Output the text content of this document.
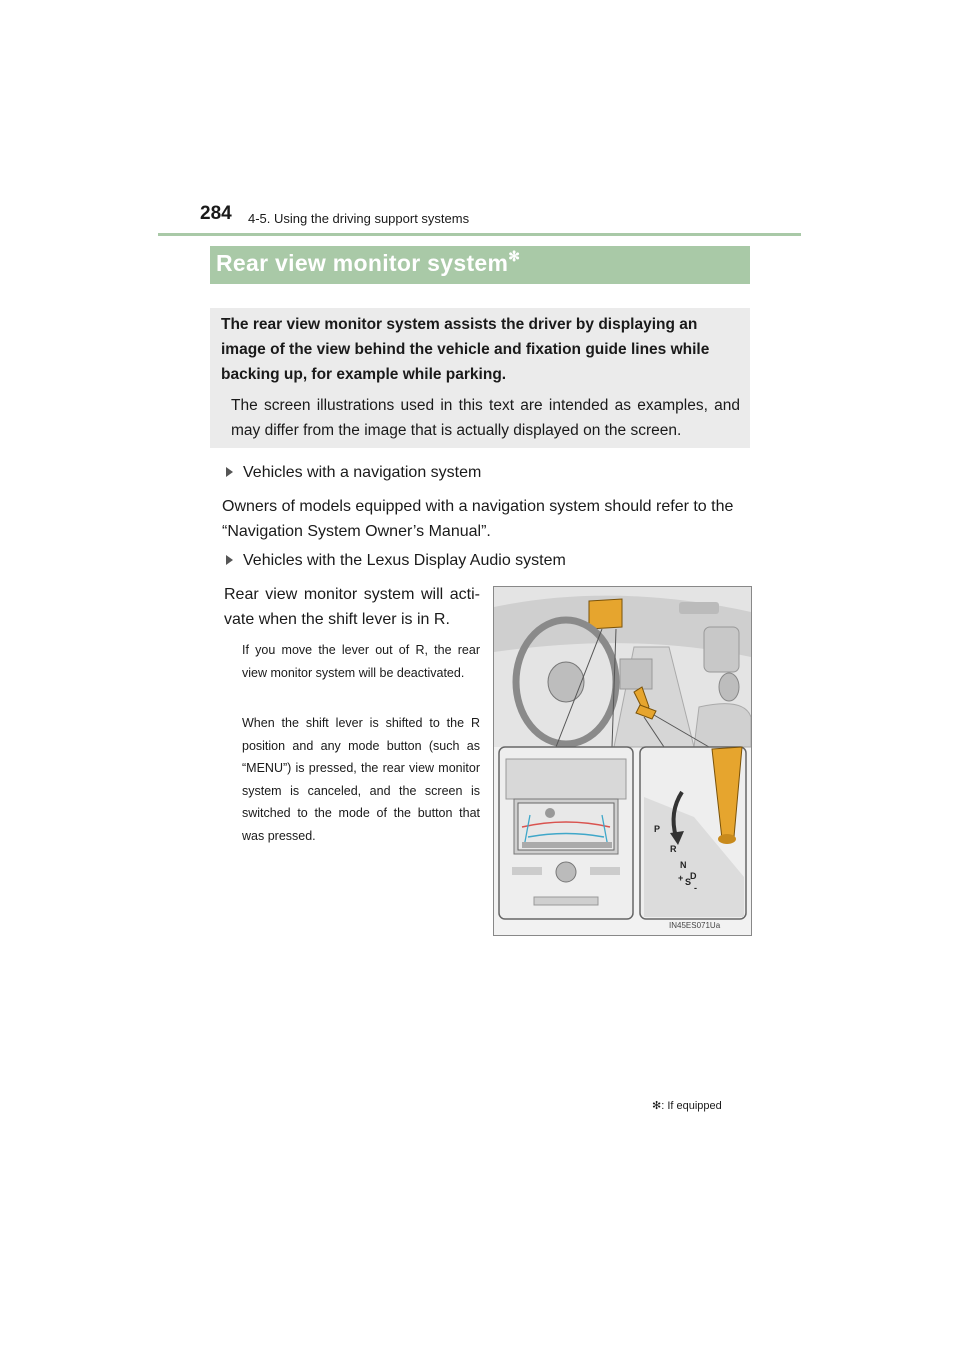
284 4-5. Using the driving support systems
Rear view monitor system✻
The rear view monitor system assists the driver by displaying an image of the view behind the vehicle and fixation guide lines while backing up, for example while parking.
The screen illustrations used in this text are intended as examples, and may differ from the image that is actually displayed on the screen.
Vehicles with a navigation system
Owners of models equipped with a navigation system should refer to the “Navigation System Owner’s Manual”.
Vehicles with the Lexus Display Audio system
Rear view monitor system will activate when the shift lever is in R.
If you move the lever out of R, the rear view monitor system will be deactivated.
When the shift lever is shifted to the R position and any mode button (such as “MENU”) is pressed, the rear view monitor system is canceled, and the screen is switched to the mode of the button that was pressed.	P
R
N
+ S
D
-
IN45ES071Ua
✻: If equipped
